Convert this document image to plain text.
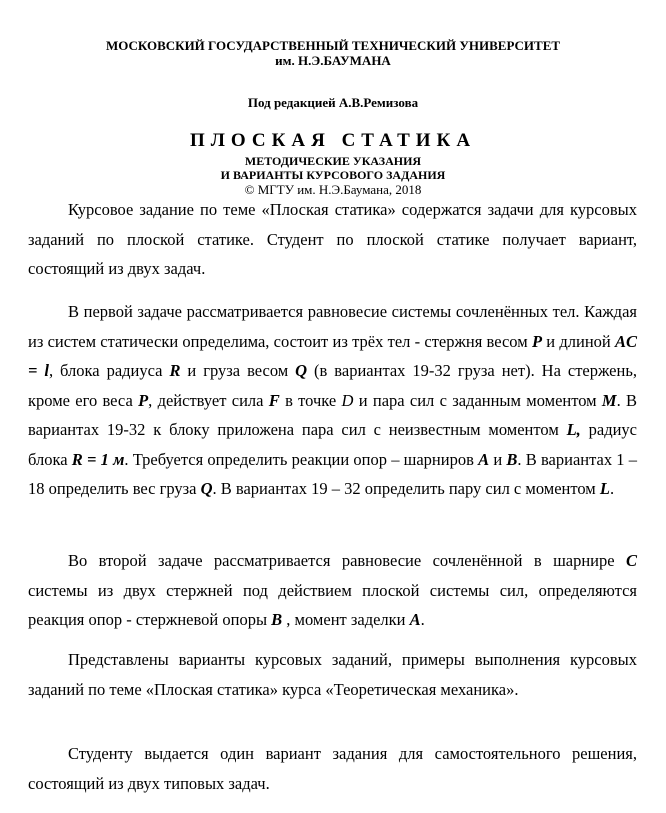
МОСКОВСКИЙ ГОСУДАРСТВЕННЫЙ ТЕХНИЧЕСКИЙ УНИВЕРСИТЕТ
им. Н.Э.БАУМАНА
Под редакцией А.В.Ремизова
ПЛОСКАЯ СТАТИКА
МЕТОДИЧЕСКИЕ УКАЗАНИЯ
И ВАРИАНТЫ КУРСОВОГО ЗАДАНИЯ
© МГТУ им. Н.Э.Баумана, 2018

Курсовое задание по теме «Плоская статика» содержатся задачи для курсовых заданий по плоской статике. Студент по плоской статике получает вариант, состоящий из двух задач.

В первой задаче рассматривается равновесие системы сочленённых тел. Каждая из систем статически определима, состоит из трёх тел - стержня весом P и длиной AC = l, блока радиуса R и груза весом Q (в вариантах 19-32 груза нет). На стержень, кроме его веса P, действует сила F в точке D и пара сил с заданным моментом M. В вариантах 19-32 к блоку приложена пара сил с неизвестным моментом L, радиус блока R = 1 м. Требуется определить реакции опор – шарниров A и B. В вариантах 1 – 18 определить вес груза Q. В вариантах 19 – 32 определить пару сил с моментом L.

Во второй задаче рассматривается равновесие сочленённой в шарнире C системы из двух стержней под действием плоской системы сил, определяются реакция опор - стержневой опоры B , момент заделки A.

Представлены варианты курсовых заданий, примеры выполнения курсовых заданий по теме «Плоская статика» курса «Теоретическая механика».

Студенту выдается один вариант задания для самостоятельного решения, состоящий из двух типовых задач.
